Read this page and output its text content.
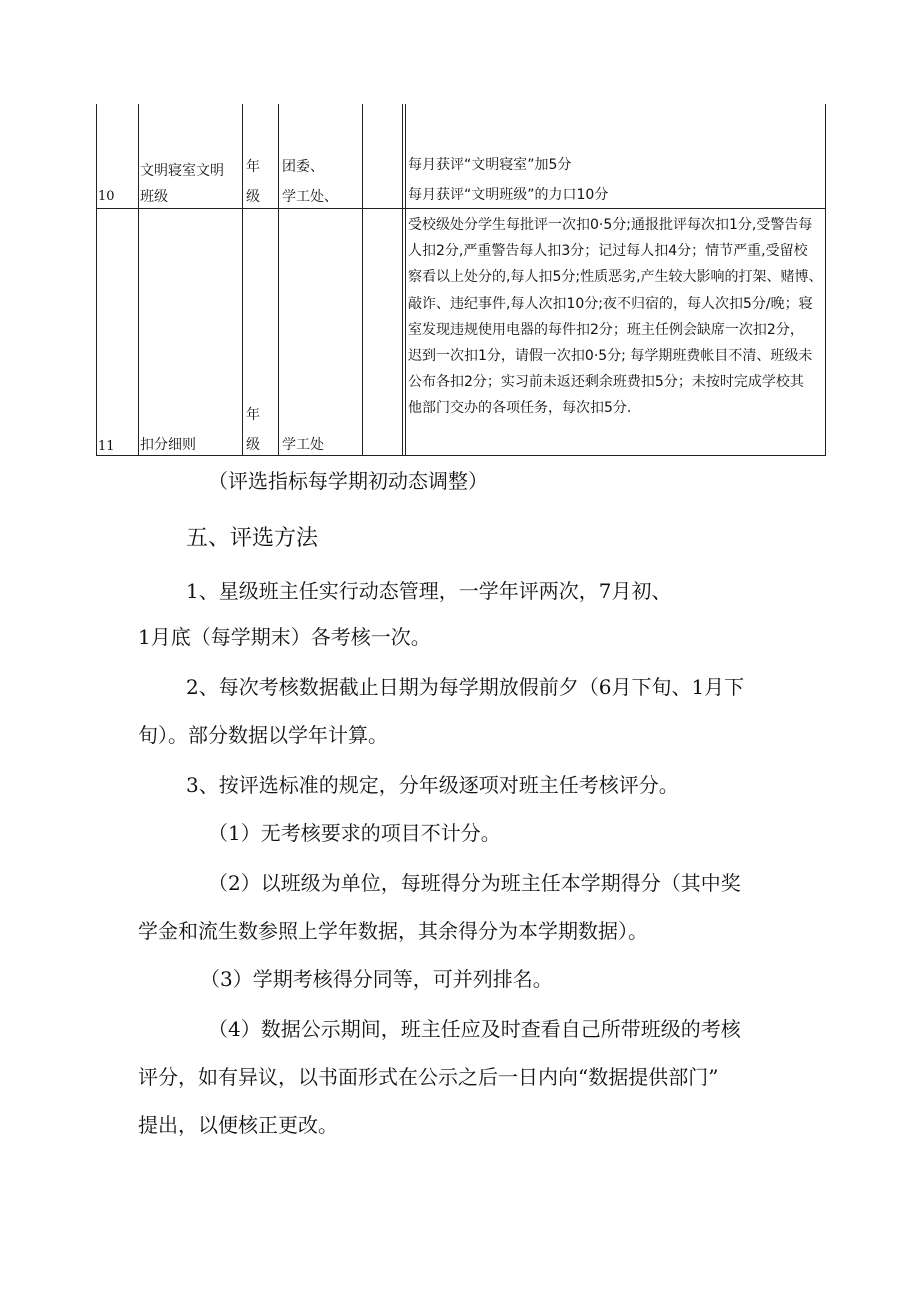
10
文明寝室文明
班级
年
级
团委、
学工处、
每月获评“文明寝室”加5分
每月获评“文明班级”的力口10分
11 扣分细则
年
级 学工处
受校级处分学生每批评一次扣0·5分;通报批评每次扣1分,受警告每
人扣2分,严重警告每人扣3分；记过每人扣4分；情节严重,受留校
察看以上处分的,每人扣5分;性质恶劣,产生较大影响的打架、赌博、
敲诈、违纪事件,每人次扣10分;夜不归宿的，每人次扣5分/晚；寝
室发现违规使用电器的每件扣2分；班主任例会缺席一次扣2分，
迟到一次扣1分，请假一次扣0·5分; 每学期班费帐目不清、班级未
公布各扣2分；实习前未返还剩余班费扣5分；未按时完成学校其
他部门交办的各项任务，每次扣5分.
（评选指标每学期初动态调整）
五、评选方法
1、星级班主任实行动态管理，一学年评两次，7月初、
1月底（每学期末）各考核一次。
2、每次考核数据截止日期为每学期放假前夕（6月下旬、1月下
旬）。部分数据以学年计算。
3、按评选标准的规定，分年级逐项对班主任考核评分。
（1）无考核要求的项目不计分。
（2）以班级为单位，每班得分为班主任本学期得分（其中奖
学金和流生数参照上学年数据，其余得分为本学期数据）。
（3）学期考核得分同等，可并列排名。
（4）数据公示期间，班主任应及时查看自己所带班级的考核
评分，如有异议，以书面形式在公示之后一日内向“数据提供部门”
提出，以便核正更改。
